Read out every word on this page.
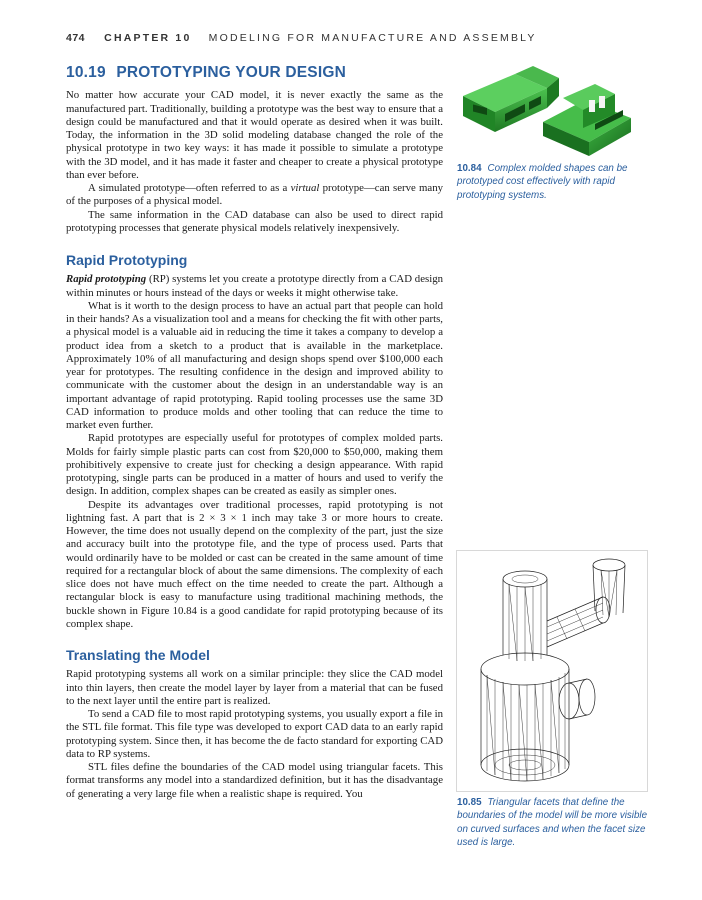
474 CHAPTER 10 MODELING FOR MANUFACTURE AND ASSEMBLY
10.19 PROTOTYPING YOUR DESIGN

No matter how accurate your CAD model, it is never exactly the same as the manufactured part. Traditionally, building a prototype was the best way to ensure that a design could be manufactured and that it would operate as desired when it was built. Today, the information in the 3D solid modeling database changed the role of the physical prototype in two key ways: it has made it possible to simulate a prototype with the 3D model, and it has made it faster and cheaper to create a physical prototype than ever before.

A simulated prototype—often referred to as a virtual prototype—can serve many of the purposes of a physical model.

The same information in the CAD database can also be used to direct rapid prototyping processes that generate physical models relatively inexpensively.

Rapid Prototyping

Rapid prototyping (RP) systems let you create a prototype directly from a CAD design within minutes or hours instead of the days or weeks it might otherwise take.

What is it worth to the design process to have an actual part that people can hold in their hands? As a visualization tool and a means for checking the fit with other parts, a physical model is a valuable aid in reducing the time it takes a company to develop a product idea from a sketch to a product that is available in the marketplace. Approximately 10% of all manufacturing and design shops spend over $100,000 each year for prototypes. The resulting confidence in the design and improved ability to communicate with the customer about the design in an understandable way is an important advantage of rapid prototyping. Rapid tooling processes use the same 3D CAD information to produce molds and other tooling that can reduce the time to market even further.

Rapid prototypes are especially useful for prototypes of complex molded parts. Molds for fairly simple plastic parts can cost from $20,000 to $50,000, making them prohibitively expensive to create just for checking a design appearance. With rapid prototyping, single parts can be produced in a matter of hours and used to verify the design. In addition, complex shapes can be created as easily as simpler ones.

Despite its advantages over traditional processes, rapid prototyping is not lightning fast. A part that is 2 × 3 × 1 inch may take 3 or more hours to create. However, the time does not usually depend on the complexity of the part, just the size and accuracy built into the prototype file, and the type of process used. Parts that would ordinarily have to be molded or cast can be created in the same amount of time required for a rectangular block of about the same dimensions. The complexity of each slice does not have much effect on the time needed to create the part. Although a rectangular block is easy to manufacture using traditional machining methods, the buckle shown in Figure 10.84 is a good candidate for rapid prototyping because of its complex shape.

Translating the Model

Rapid prototyping systems all work on a similar principle: they slice the CAD model into thin layers, then create the model layer by layer from a material that can be fused to the next layer until the entire part is realized.

To send a CAD file to most rapid prototyping systems, you usually export a file in the STL file format. This file type was developed to export CAD data to an early rapid prototyping system. Since then, it has become the de facto standard for exporting CAD data to RP systems.

STL files define the boundaries of the CAD model using triangular facets. This format transforms any model into a standardized definition, but it has the disadvantage of generating a very large file when a realistic shape is required. You

10.84 Complex molded shapes can be prototyped cost effectively with rapid prototyping systems.
10.85 Triangular facets that define the boundaries of the model will be more visible on curved surfaces and when the facet size used is large.
